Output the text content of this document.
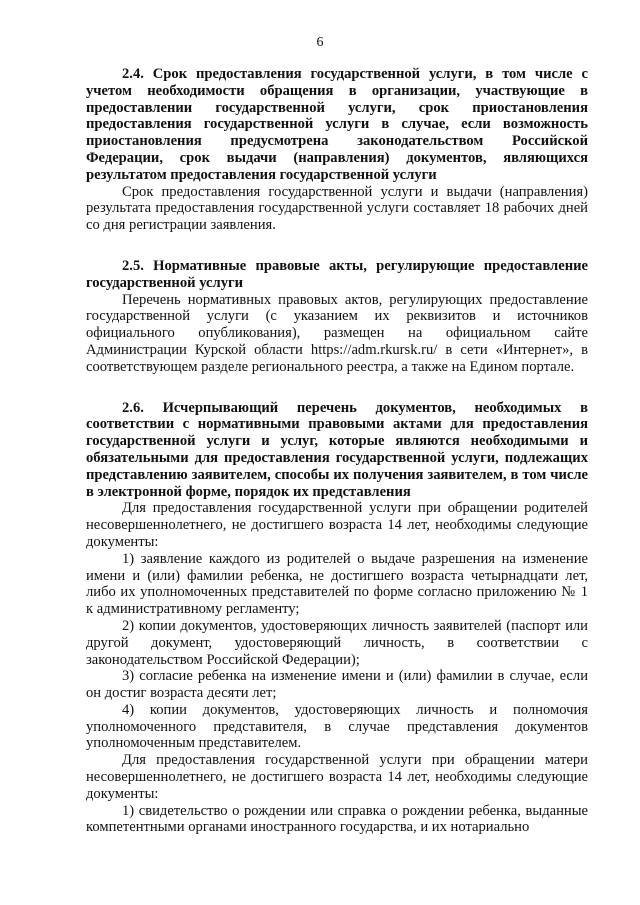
6

2.4. Срок предоставления государственной услуги, в том числе с учетом необходимости обращения в организации, участвующие в предоставлении государственной услуги, срок приостановления предоставления государственной услуги в случае, если возможность приостановления предусмотрена законодательством Российской Федерации, срок выдачи (направления) документов, являющихся результатом предоставления государственной услуги

Срок предоставления государственной услуги и выдачи (направления) результата предоставления государственной услуги составляет 18 рабочих дней со дня регистрации заявления.

2.5. Нормативные правовые акты, регулирующие предоставление государственной услуги

Перечень нормативных правовых актов, регулирующих предоставление государственной услуги (с указанием их реквизитов и источников официального опубликования), размещен на официальном сайте Администрации Курской области https://adm.rkursk.ru/ в сети «Интернет», в соответствующем разделе регионального реестра, а также на Едином портале.

2.6. Исчерпывающий перечень документов, необходимых в соответствии с нормативными правовыми актами для предоставления государственной услуги и услуг, которые являются необходимыми и обязательными для предоставления государственной услуги, подлежащих представлению заявителем, способы их получения заявителем, в том числе в электронной форме, порядок их представления

Для предоставления государственной услуги при обращении родителей несовершеннолетнего, не достигшего возраста 14 лет, необходимы следующие документы:

1) заявление каждого из родителей о выдаче разрешения на изменение имени и (или) фамилии ребенка, не достигшего возраста четырнадцати лет, либо их уполномоченных представителей по форме согласно приложению № 1 к административному регламенту;

2) копии документов, удостоверяющих личность заявителей (паспорт или другой документ, удостоверяющий личность, в соответствии с законодательством Российской Федерации);

3) согласие ребенка на изменение имени и (или) фамилии в случае, если он достиг возраста десяти лет;

4) копии документов, удостоверяющих личность и полномочия уполномоченного представителя, в случае представления документов уполномоченным представителем.

Для предоставления государственной услуги при обращении матери несовершеннолетнего, не достигшего возраста 14 лет, необходимы следующие документы:

1) свидетельство о рождении или справка о рождении ребенка, выданные компетентными органами иностранного государства, и их нотариально
